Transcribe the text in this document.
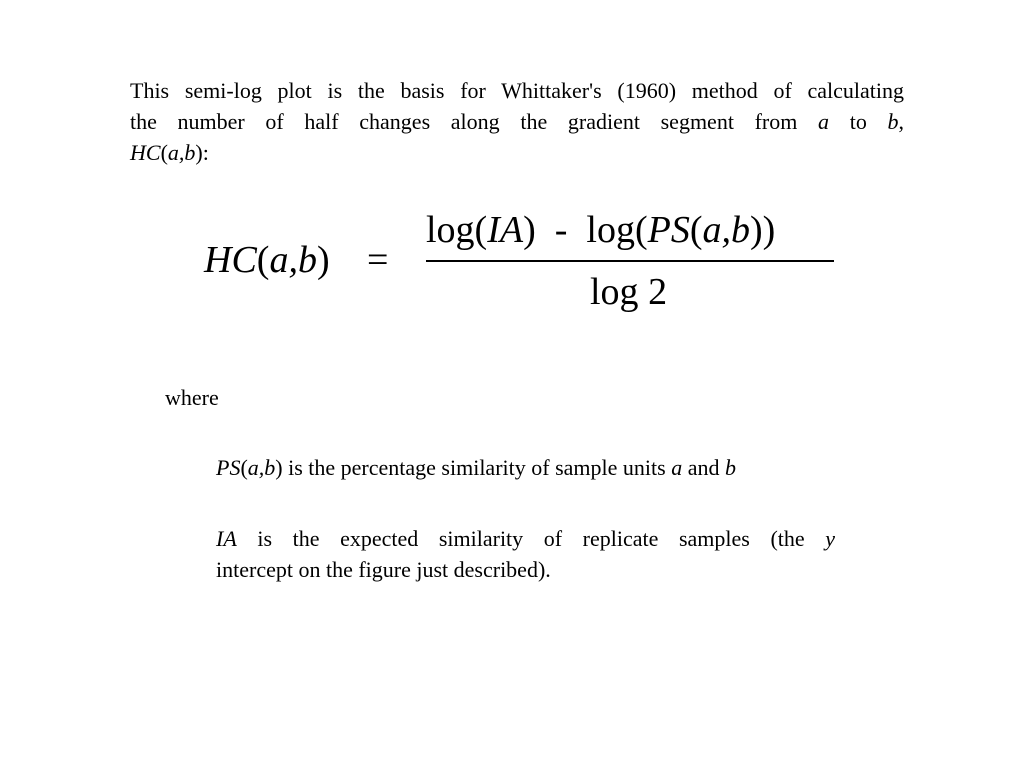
This semi-log plot is the basis for Whittaker's (1960) method of calculating
the number of half changes along the gradient segment from a to b,
HC(a,b):
HC(a,b) =
log(IA) - log(PS(a,b))
log 2
where
PS(a,b) is the percentage similarity of sample units a and b
IA is the expected similarity of replicate samples (the y
intercept on the figure just described).
